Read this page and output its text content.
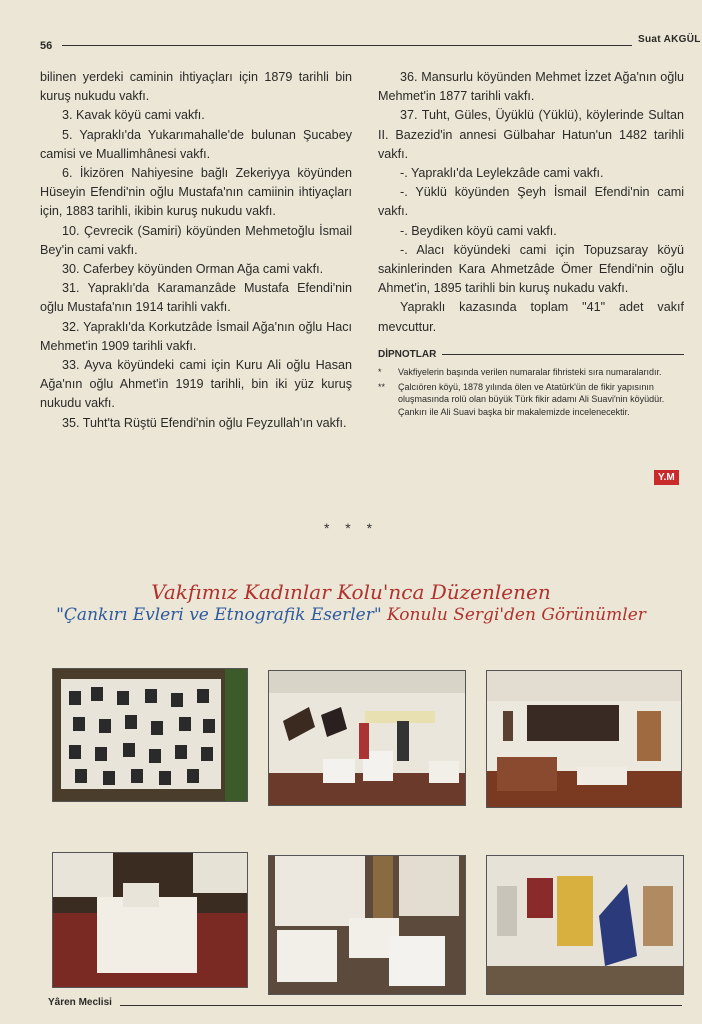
56
Suat AKGÜL

bilinen yerdeki caminin ihtiyaçları için 1879 tarihli bin kuruş nukudu vakfı.

3. Kavak köyü cami vakfı.

5. Yapraklı'da Yukarımahalle'de bulunan Şucabey camisi ve Muallimhânesi vakfı.

6. İkizören Nahiyesine bağlı Zekeriyya köyünden Hüseyin Efendi'nin oğlu Mustafa'nın camiinin ihtiyaçları için, 1883 tarihli, ikibin kuruş nukudu vakfı.

10. Çevrecik (Samiri) köyünden Mehmetoğlu İsmail Bey'in cami vakfı.

30. Caferbey köyünden Orman Ağa cami vakfı.

31. Yapraklı'da Karamanzâde Mustafa Efendi'nin oğlu Mustafa'nın 1914 tarihli vakfı.

32. Yapraklı'da Korkutzâde İsmail Ağa'nın oğlu Hacı Mehmet'in 1909 tarihli vakfı.

33. Ayva köyündeki cami için Kuru Ali oğlu Hasan Ağa'nın oğlu Ahmet'in 1919 tarihli, bin iki yüz kuruş nukudu vakfı.

35. Tuht'ta Rüştü Efendi'nin oğlu Feyzullah'ın vakfı.

36. Mansurlu köyünden Mehmet İzzet Ağa'nın oğlu Mehmet'in 1877 tarihli vakfı.

37. Tuht, Güles, Üyüklü (Yüklü), köylerinde Sultan II. Bazezid'in annesi Gülbahar Hatun'un 1482 tarihli vakfı.

-. Yapraklı'da Leylekzâde cami vakfı.

-. Yüklü köyünden Şeyh İsmail Efendi'nin cami vakfı.

-. Beydiken köyü cami vakfı.

-. Alacı köyündeki cami için Topuzsaray köyü sakinlerinden Kara Ahmetzâde Ömer Efendi'nin oğlu Ahmet'in, 1895 tarihli bin kuruş nukadu vakfı.

Yapraklı kazasında toplam "41" adet vakıf mevcuttur.

DİPNOTLAR
*	Vakfiyelerin başında verilen numaralar fihristeki sıra numaralarıdır.
**	Çalcıören köyü, 1878 yılında ölen ve Atatürk'ün de fikir yapısının oluşmasında rolü olan büyük Türk fikir adamı Ali Suavi'nin köyüdür. Çankırı ile Ali Suavi başka bir makalemizde incelenecektir.
Y.M
* * *
Vakfımız Kadınlar Kolu'nca Düzenlenen
"Çankırı Evleri ve Etnografik Eserler" Konulu Sergi'den Görünümler
Yâren Meclisi
